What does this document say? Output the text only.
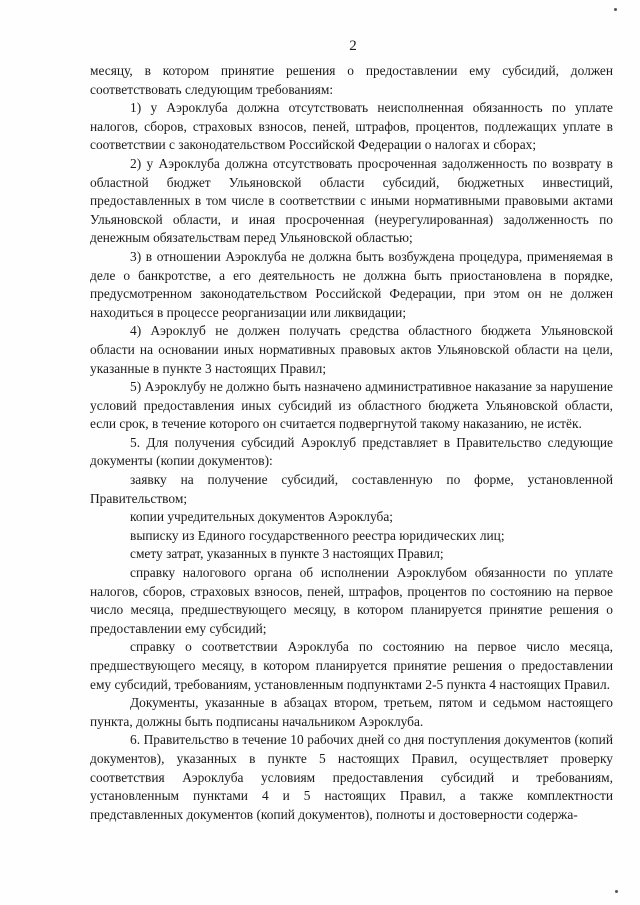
2

месяцу, в котором принятие решения о предоставлении ему субсидий, должен соответствовать следующим требованиям:

1) у Аэроклуба должна отсутствовать неисполненная обязанность по уплате налогов, сборов, страховых взносов, пеней, штрафов, процентов, подлежащих уплате в соответствии с законодательством Российской Федерации о налогах и сборах;

2) у Аэроклуба должна отсутствовать просроченная задолженность по возврату в областной бюджет Ульяновской области субсидий, бюджетных инвестиций, предоставленных в том числе в соответствии с иными нормативными правовыми актами Ульяновской области, и иная просроченная (неурегулированная) задолженность по денежным обязательствам перед Ульяновской областью;

3) в отношении Аэроклуба не должна быть возбуждена процедура, применяемая в деле о банкротстве, а его деятельность не должна быть приостановлена в порядке, предусмотренном законодательством Российской Федерации, при этом он не должен находиться в процессе реорганизации или ликвидации;

4) Аэроклуб не должен получать средства областного бюджета Ульяновской области на основании иных нормативных правовых актов Ульяновской области на цели, указанные в пункте 3 настоящих Правил;

5) Аэроклубу не должно быть назначено административное наказание за нарушение условий предоставления иных субсидий из областного бюджета Ульяновской области, если срок, в течение которого он считается подвергнутой такому наказанию, не истёк.

5. Для получения субсидий Аэроклуб представляет в Правительство следующие документы (копии документов):

заявку на получение субсидий, составленную по форме, установленной Правительством;

копии учредительных документов Аэроклуба;

выписку из Единого государственного реестра юридических лиц;

смету затрат, указанных в пункте 3 настоящих Правил;

справку налогового органа об исполнении Аэроклубом обязанности по уплате налогов, сборов, страховых взносов, пеней, штрафов, процентов по состоянию на первое число месяца, предшествующего месяцу, в котором планируется принятие решения о предоставлении ему субсидий;

справку о соответствии Аэроклуба по состоянию на первое число месяца, предшествующего месяцу, в котором планируется принятие решения о предоставлении ему субсидий, требованиям, установленным подпунктами 2-5 пункта 4 настоящих Правил.

Документы, указанные в абзацах втором, третьем, пятом и седьмом настоящего пункта, должны быть подписаны начальником Аэроклуба.

6. Правительство в течение 10 рабочих дней со дня поступления документов (копий документов), указанных в пункте 5 настоящих Правил, осуществляет проверку соответствия Аэроклуба условиям предоставления субсидий и требованиям, установленным пунктами 4 и 5 настоящих Правил, а также комплектности представленных документов (копий документов), полноты и достоверности содержа-
